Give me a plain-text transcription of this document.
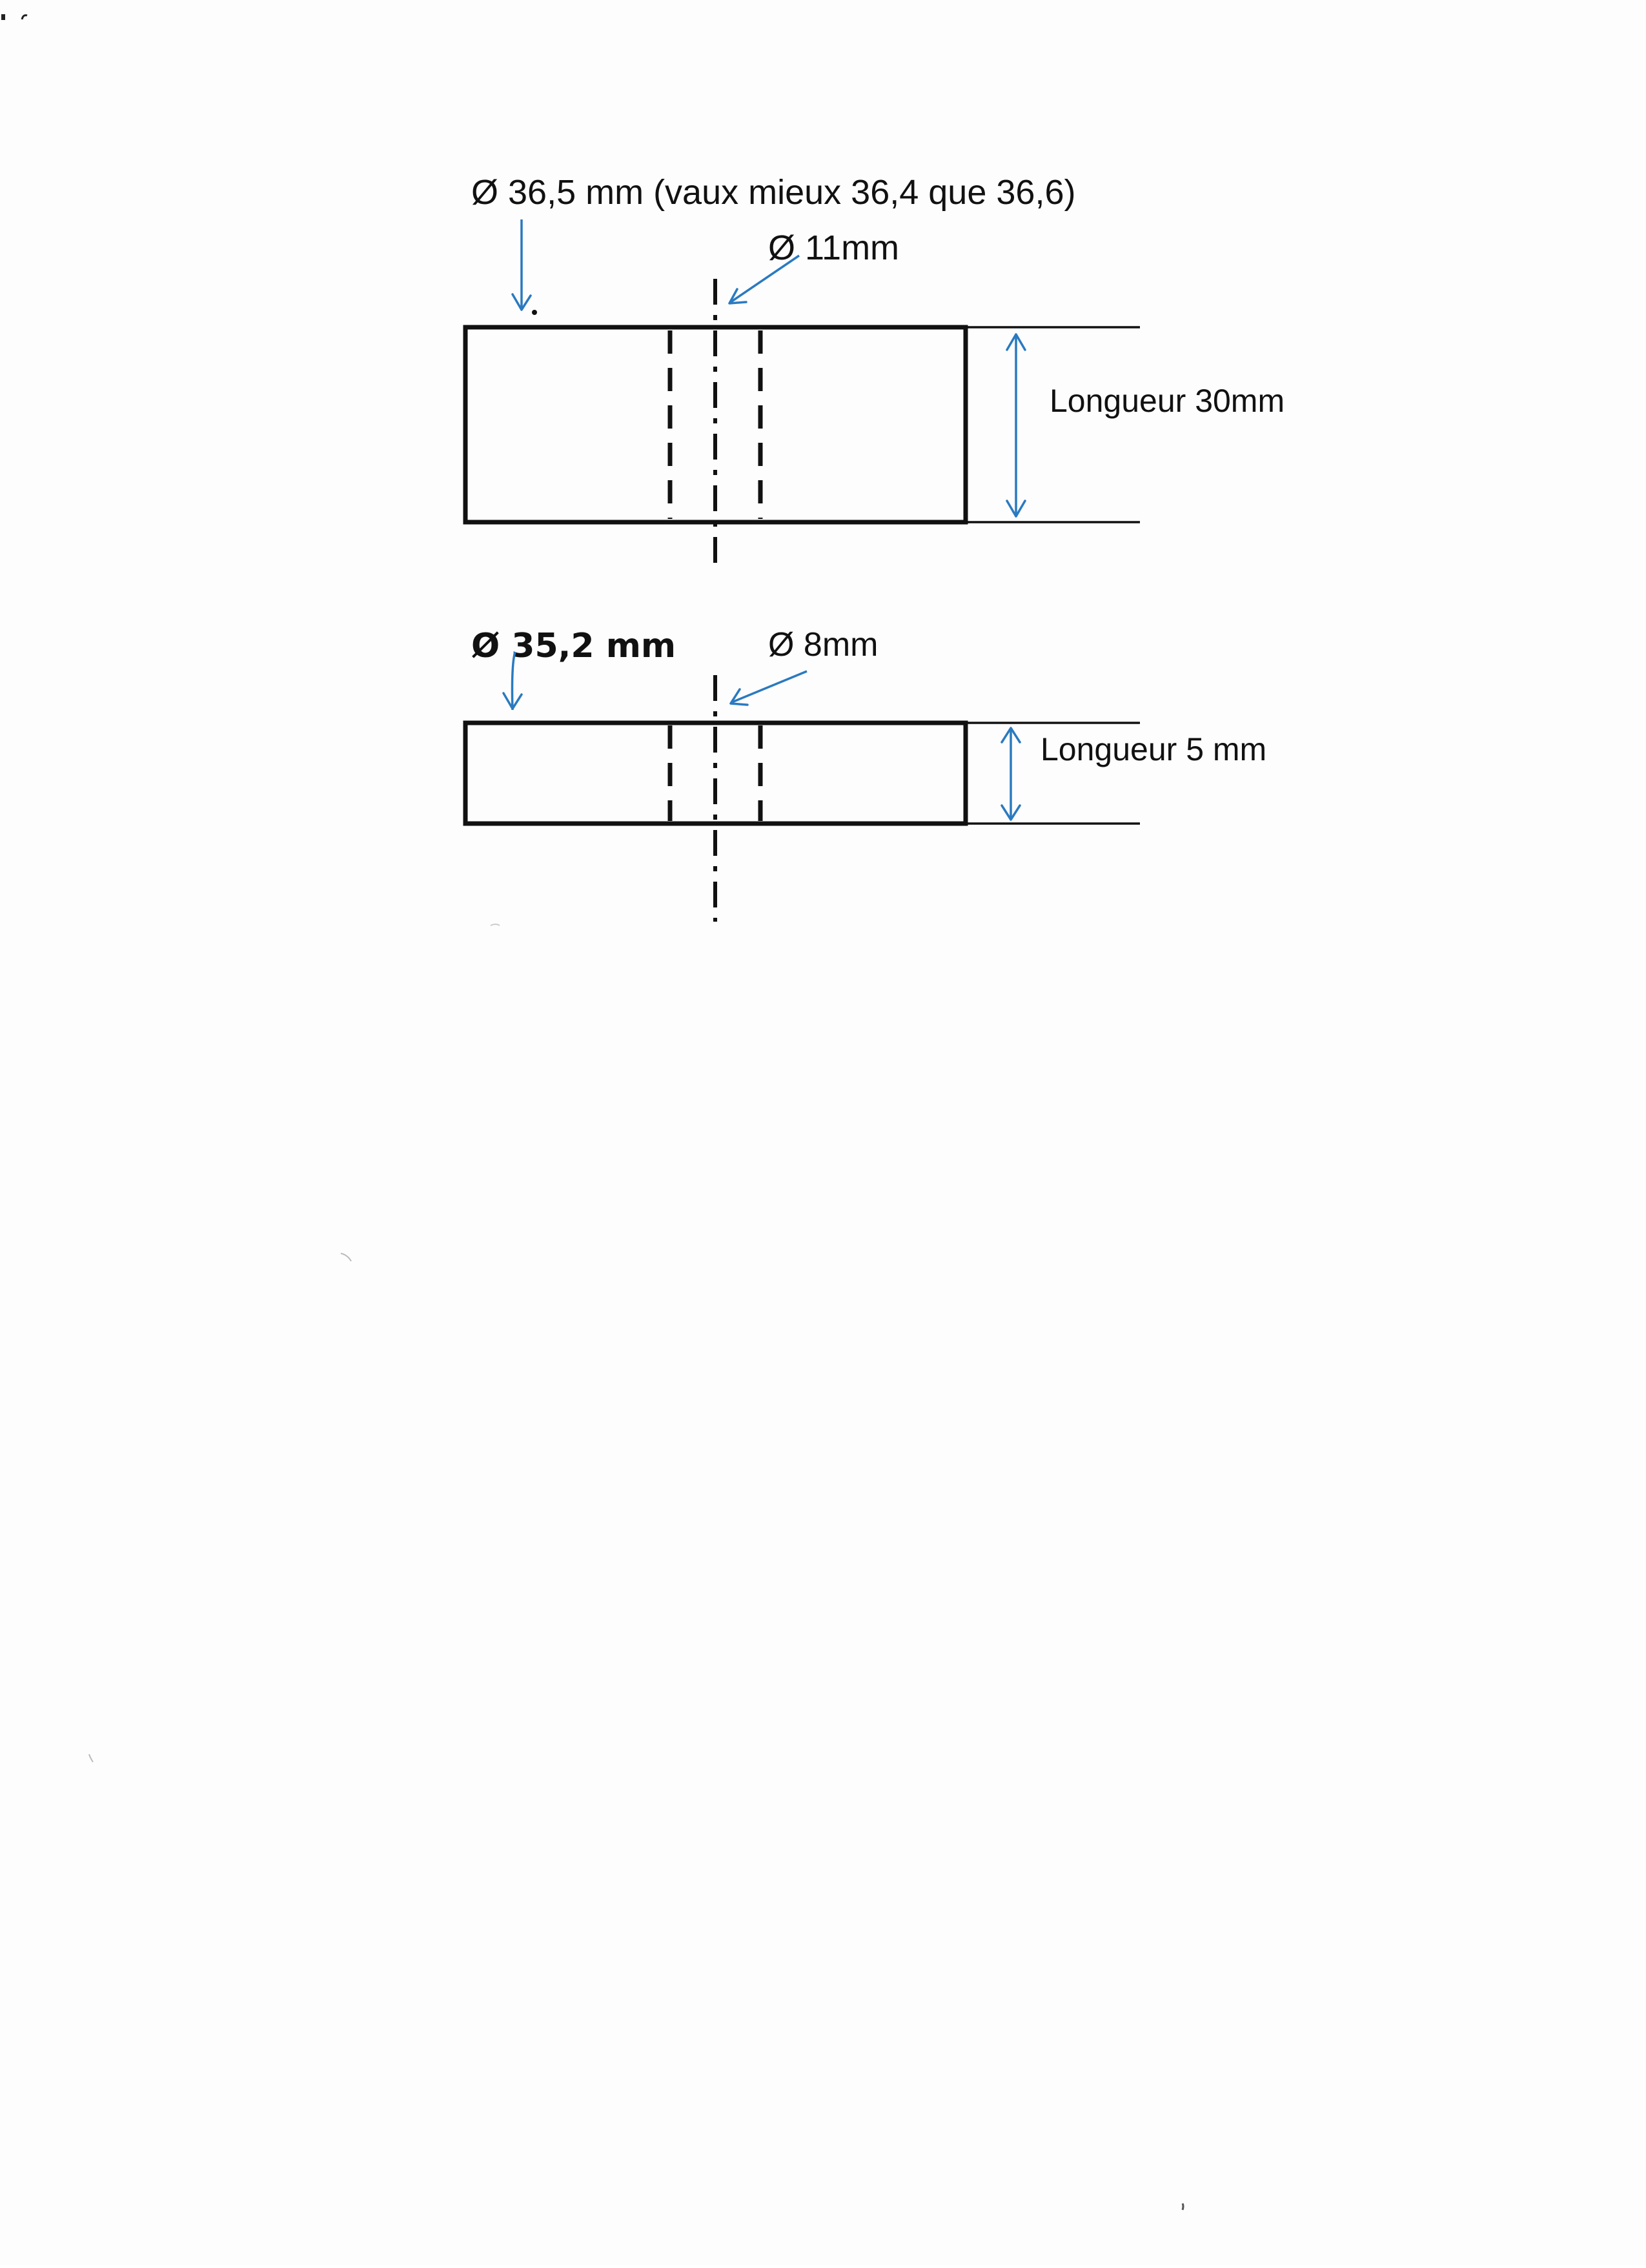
Ø 36,5 mm (vaux mieux 36,4 que 36,6)
Ø 11mm
Longueur 30mm
Ø 35,2 mm	Ø 8mm
Longueur 5 mm
